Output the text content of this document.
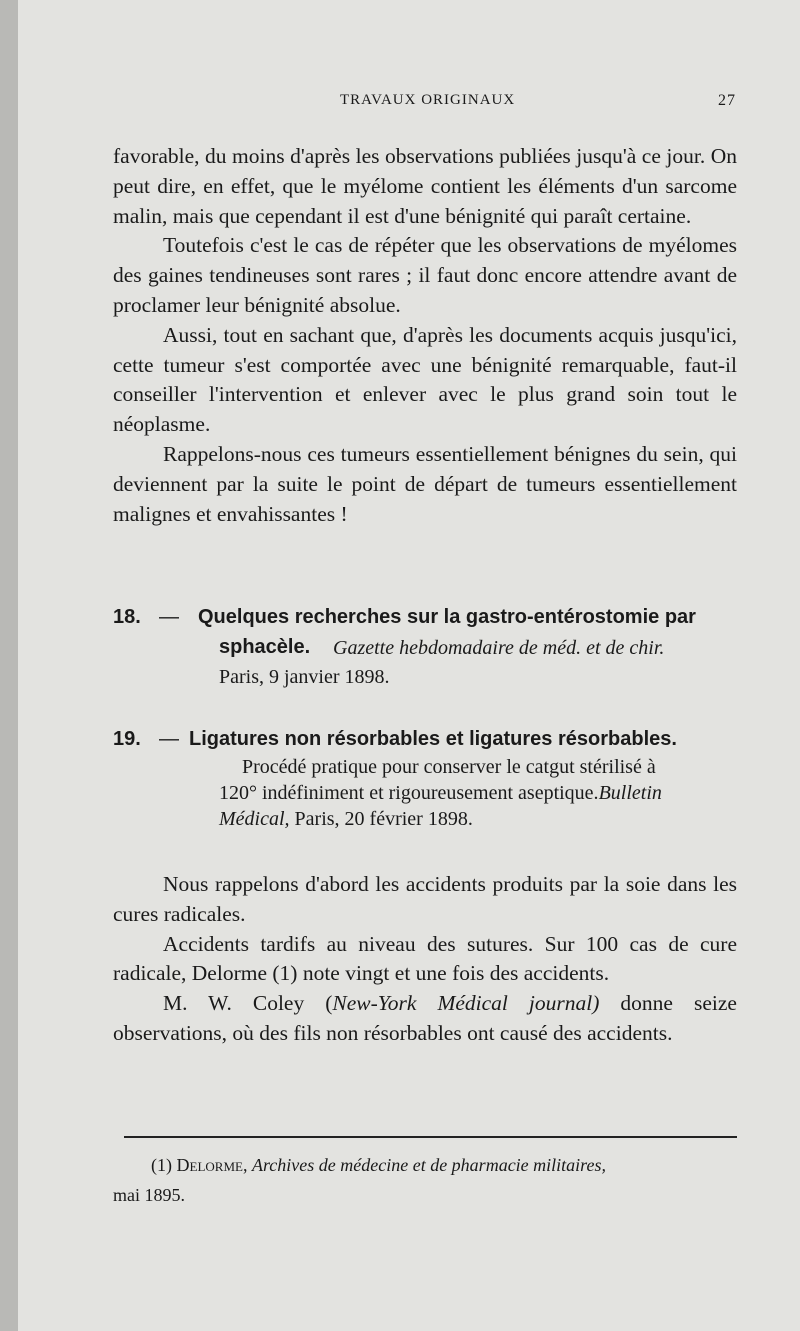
TRAVAUX ORIGINAUX	27

favorable, du moins d'après les observations publiées jusqu'à ce jour. On peut dire, en effet, que le myélome contient les éléments d'un sarcome malin, mais que cependant il est d'une bénignité qui paraît certaine.

Toutefois c'est le cas de répéter que les observations de myélomes des gaines tendineuses sont rares ; il faut donc encore attendre avant de proclamer leur bénignité absolue.

Aussi, tout en sachant que, d'après les documents acquis jusqu'ici, cette tumeur s'est comportée avec une bénignité remarquable, faut-il conseiller l'intervention et enlever avec le plus grand soin tout le néoplasme.

Rappelons-nous ces tumeurs essentiellement bénignes du sein, qui deviennent par la suite le point de départ de tumeurs essentiellement malignes et envahissantes !

18. — Quelques recherches sur la gastro-entérostomie par
sphacèle. Gazette hebdomadaire de méd. et de chir.
Paris, 9 janvier 1898.
19. — Ligatures non résorbables et ligatures résorbables.
Procédé pratique pour conserver le catgut stérilisé à
120° indéfiniment et rigoureusement aseptique.Bulletin
Médical, Paris, 20 février 1898.

Nous rappelons d'abord les accidents produits par la soie dans les cures radicales.

Accidents tardifs au niveau des sutures. Sur 100 cas de cure radicale, Delorme (1) note vingt et une fois des accidents.

M. W. Coley (New-York Médical journal) donne seize observations, où des fils non résorbables ont causé des accidents.

(1) Delorme, Archives de médecine et de pharmacie militaires,
mai 1895.
